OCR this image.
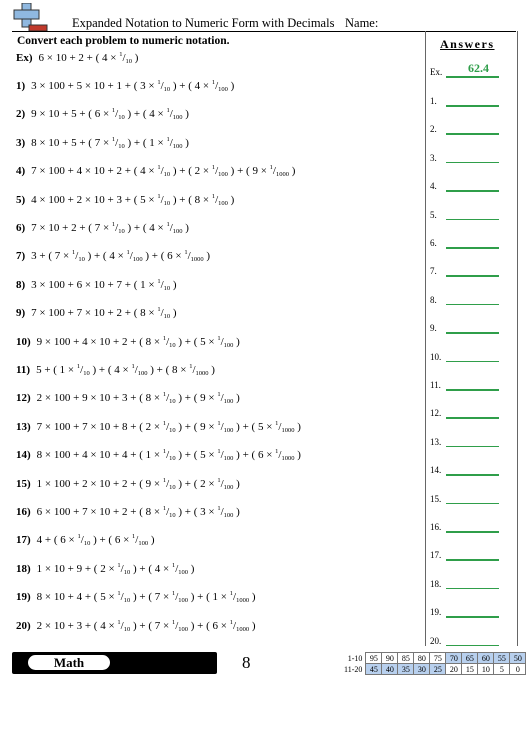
Expanded Notation to Numeric Form with Decimals Name:
Convert each problem to numeric notation.
Ex) 6 × 10 + 2 + ( $4 \times ^1/_{10}$ )
1) 3 × 100 + 5 × 10 + 1 + ( $3 \times ^1/_{10}$ ) + ( $4 \times ^1/_{100}$ )
2) 9 × 10 + 5 + ( $6 \times ^1/_{10}$ ) + ( $4 \times ^1/_{100}$ )
3) 8 × 10 + 5 + ( $7 \times ^1/_{10}$ ) + ( $1 \times ^1/_{100}$ )
4) 7 × 100 + 4 × 10 + 2 + ( $4 \times ^1/_{10}$ ) + ( $2 \times ^1/_{100}$ ) + ( $9 \times ^1/_{1000}$ )
5) 4 × 100 + 2 × 10 + 3 + ( $5 \times ^1/_{10}$ ) + ( $8 \times ^1/_{100}$ )
6) 7 × 10 + 2 + ( $7 \times ^1/_{10}$ ) + ( $4 \times ^1/_{100}$ )
7) 3 + ( $7 \times ^1/_{10}$ ) + ( $4 \times ^1/_{100}$ ) + ( $6 \times ^1/_{1000}$ )
8) 3 × 100 + 6 × 10 + 7 + ( $1 \times ^1/_{10}$ )
9) 7 × 100 + 7 × 10 + 2 + ( $8 \times ^1/_{10}$ )
10) 9 × 100 + 4 × 10 + 2 + ( $8 \times ^1/_{10}$ ) + ( $5 \times ^1/_{100}$ )
11) 5 + ( $1 \times ^1/_{10}$ ) + ( $4 \times ^1/_{100}$ ) + ( $8 \times ^1/_{1000}$ )
12) 2 × 100 + 9 × 10 + 3 + ( $8 \times ^1/_{10}$ ) + ( $9 \times ^1/_{100}$ )
13) 7 × 100 + 7 × 10 + 8 + ( $2 \times ^1/_{10}$ ) + ( $9 \times ^1/_{100}$ ) + ( $5 \times ^1/_{1000}$ )
14) 8 × 100 + 4 × 10 + 4 + ( $1 \times ^1/_{10}$ ) + ( $5 \times ^1/_{100}$ ) + ( $6 \times ^1/_{1000}$ )
15) 1 × 100 + 2 × 10 + 2 + ( $9 \times ^1/_{10}$ ) + ( $2 \times ^1/_{100}$ )
16) 6 × 100 + 7 × 10 + 2 + ( $8 \times ^1/_{10}$ ) + ( $3 \times ^1/_{100}$ )
17) 4 + ( $6 \times ^1/_{10}$ ) + ( $6 \times ^1/_{100}$ )
18) 1 × 10 + 9 + ( $2 \times ^1/_{10}$ ) + ( $4 \times ^1/_{100}$ )
19) 8 × 10 + 4 + ( $5 \times ^1/_{10}$ ) + ( $7 \times ^1/_{100}$ ) + ( $1 \times ^1/_{1000}$ )
20) 2 × 10 + 3 + ( $4 \times ^1/_{10}$ ) + ( $7 \times ^1/_{100}$ ) + ( $6 \times ^1/_{1000}$ )
Answers
Ex. 62.4
1.
2.
3.
4.
5.
6.
7.
8.
9.
10.
11.
12.
13.
14.
15.
16.
17.
18.
19.
20.
Math	8	1-10	95	90	85	80	75	70	65	60	55	50
11-20	45	40	35	30	25	20	15	10	5	0
